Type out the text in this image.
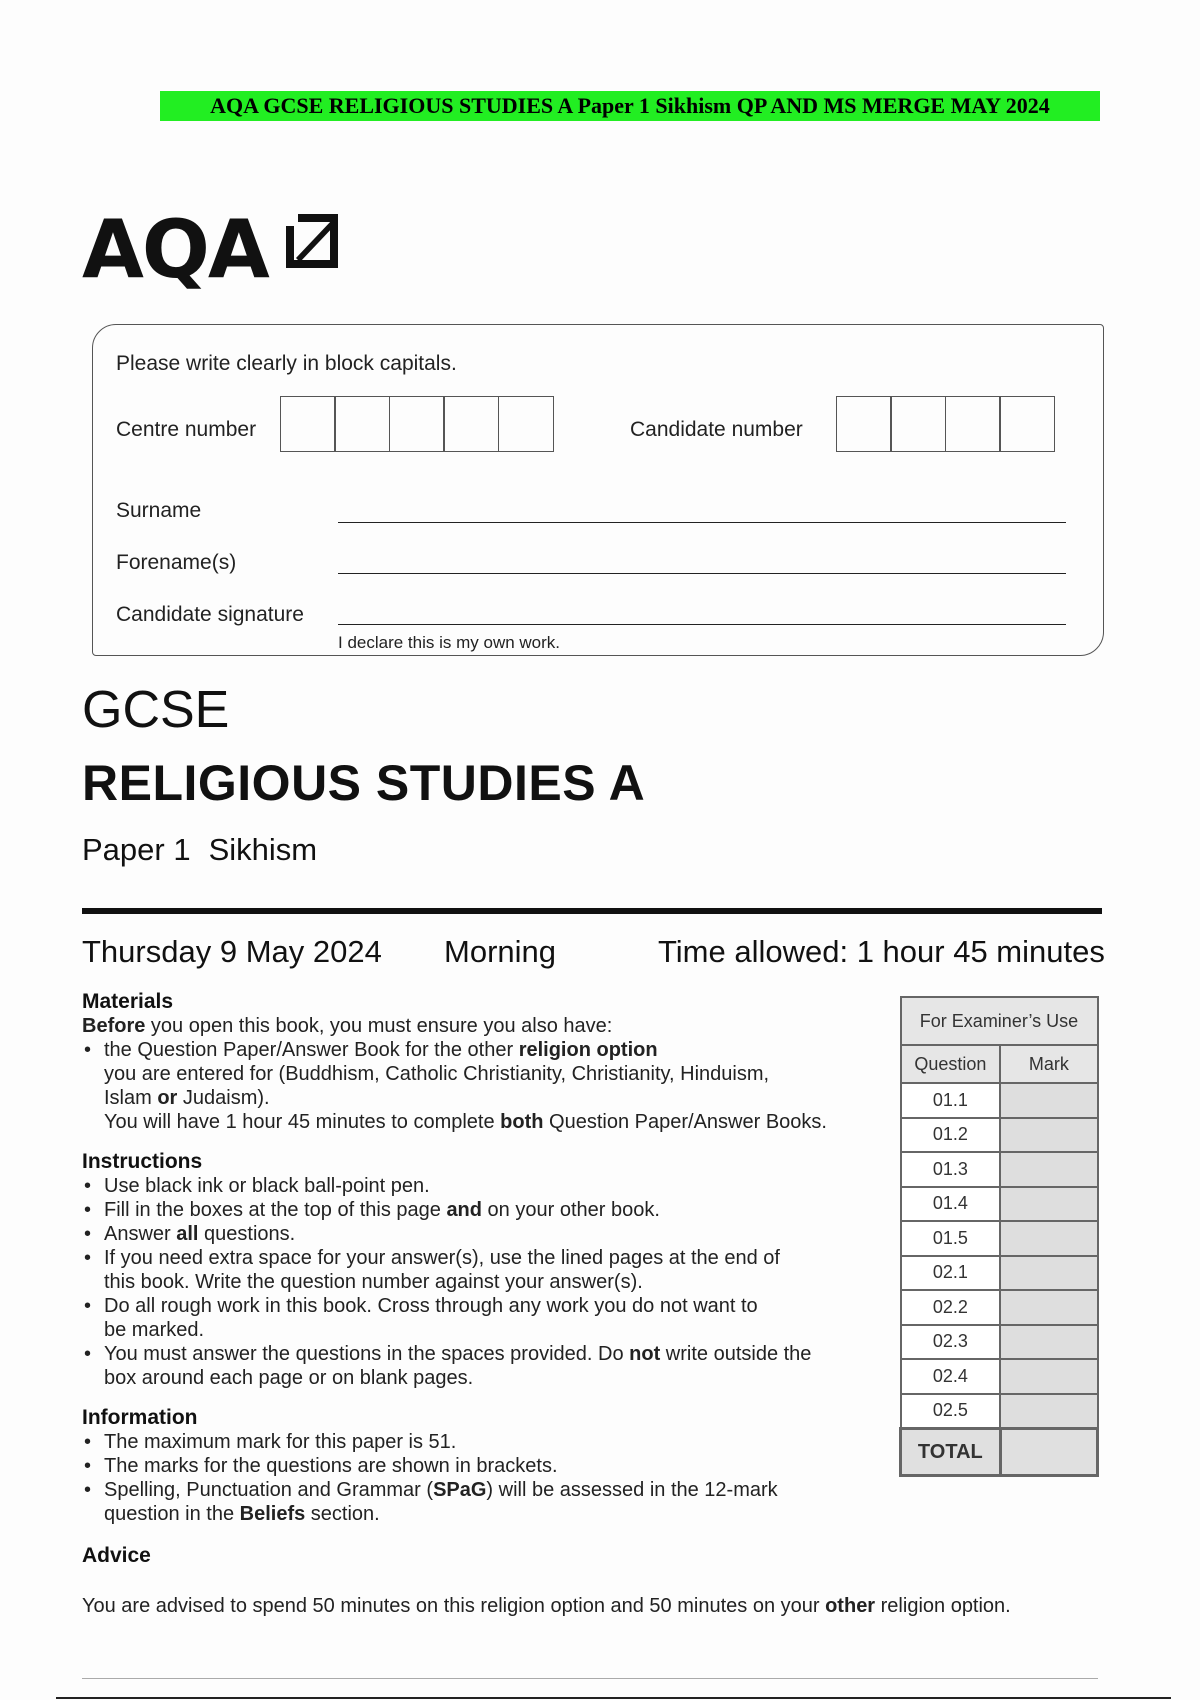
AQA GCSE RELIGIOUS STUDIES A Paper 1 Sikhism QP AND MS MERGE MAY 2024
AQA
Please write clearly in block capitals.
Centre number	Candidate number
Surname
Forename(s)
Candidate signature
I declare this is my own work.
GCSE
RELIGIOUS STUDIES A
Paper 1 Sikhism
Thursday 9 May 2024 Morning	Time allowed: 1 hour 45 minutes
Materials
Before you open this book, you must ensure you also have:
• the Question Paper/Answer Book for the other religion option
you are entered for (Buddhism, Catholic Christianity, Christianity, Hinduism,
Islam or Judaism).
You will have 1 hour 45 minutes to complete both Question Paper/Answer Books.
Instructions
• Use black ink or black ball-point pen.
• Fill in the boxes at the top of this page and on your other book.
• Answer all questions.
• If you need extra space for your answer(s), use the lined pages at the end of
this book. Write the question number against your answer(s).
• Do all rough work in this book. Cross through any work you do not want to
be marked.
• You must answer the questions in the spaces provided. Do not write outside the
box around each page or on blank pages.
Information
• The maximum mark for this paper is 51.
• The marks for the questions are shown in brackets.
• Spelling, Punctuation and Grammar (SPaG) will be assessed in the 12-mark
question in the Beliefs section.
Advice
You are advised to spend 50 minutes on this religion option and 50 minutes on your other religion option.
For Examiner’s Use	
Question	Mark
01.1	
01.2	
01.3	
01.4	
01.5	
02.1	
02.2	
02.3	
02.4	
02.5	
TOTAL	
